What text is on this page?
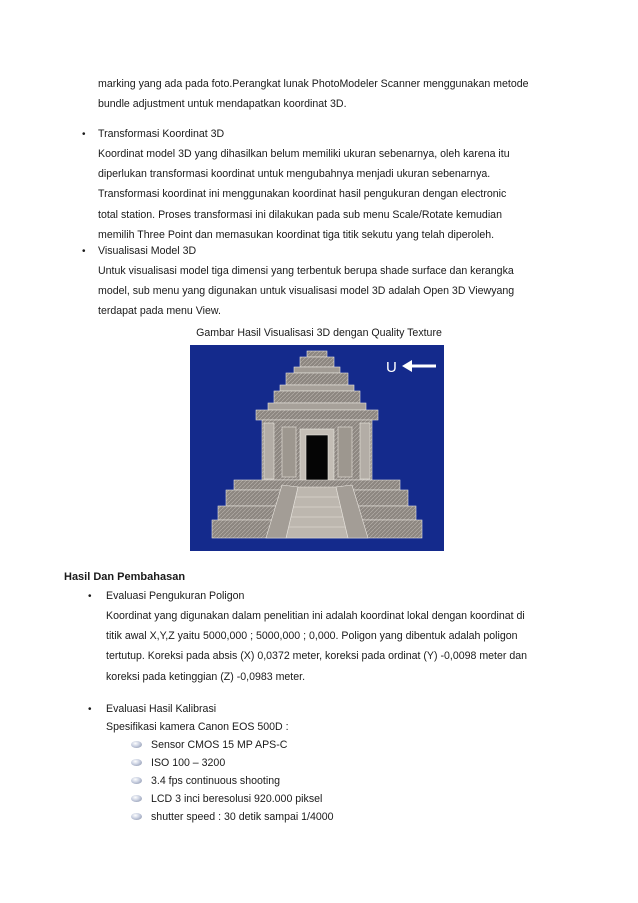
marking yang ada pada foto.Perangkat lunak PhotoModeler Scanner menggunakan metode
bundle adjustment untuk mendapatkan koordinat 3D.
• Transformasi Koordinat 3D
Koordinat model 3D yang dihasilkan belum memiliki ukuran sebenarnya, oleh karena itu
diperlukan transformasi koordinat untuk mengubahnya menjadi ukuran sebenarnya.
Transformasi koordinat ini menggunakan koordinat hasil pengukuran dengan electronic
total station. Proses transformasi ini dilakukan pada sub menu Scale/Rotate kemudian
memilih Three Point dan memasukan koordinat tiga titik sekutu yang telah diperoleh.
• Visualisasi Model 3D
Untuk visualisasi model tiga dimensi yang terbentuk berupa shade surface dan kerangka
model, sub menu yang digunakan untuk visualisasi model 3D adalah Open 3D Viewyang
terdapat pada menu View.
Gambar Hasil Visualisasi 3D dengan Quality Texture
U
Hasil Dan Pembahasan
• Evaluasi Pengukuran Poligon
Koordinat yang digunakan dalam penelitian ini adalah koordinat lokal dengan koordinat di
titik awal X,Y,Z yaitu 5000,000 ; 5000,000 ; 0,000. Poligon yang dibentuk adalah poligon
tertutup. Koreksi pada absis (X) 0,0372 meter, koreksi pada ordinat (Y) -0,0098 meter dan
koreksi pada ketinggian (Z) -0,0983 meter.
• Evaluasi Hasil Kalibrasi
Spesifikasi kamera Canon EOS 500D :
Sensor CMOS 15 MP APS-C
ISO 100 – 3200
3.4 fps continuous shooting
LCD 3 inci beresolusi 920.000 piksel
shutter speed : 30 detik sampai 1/4000
